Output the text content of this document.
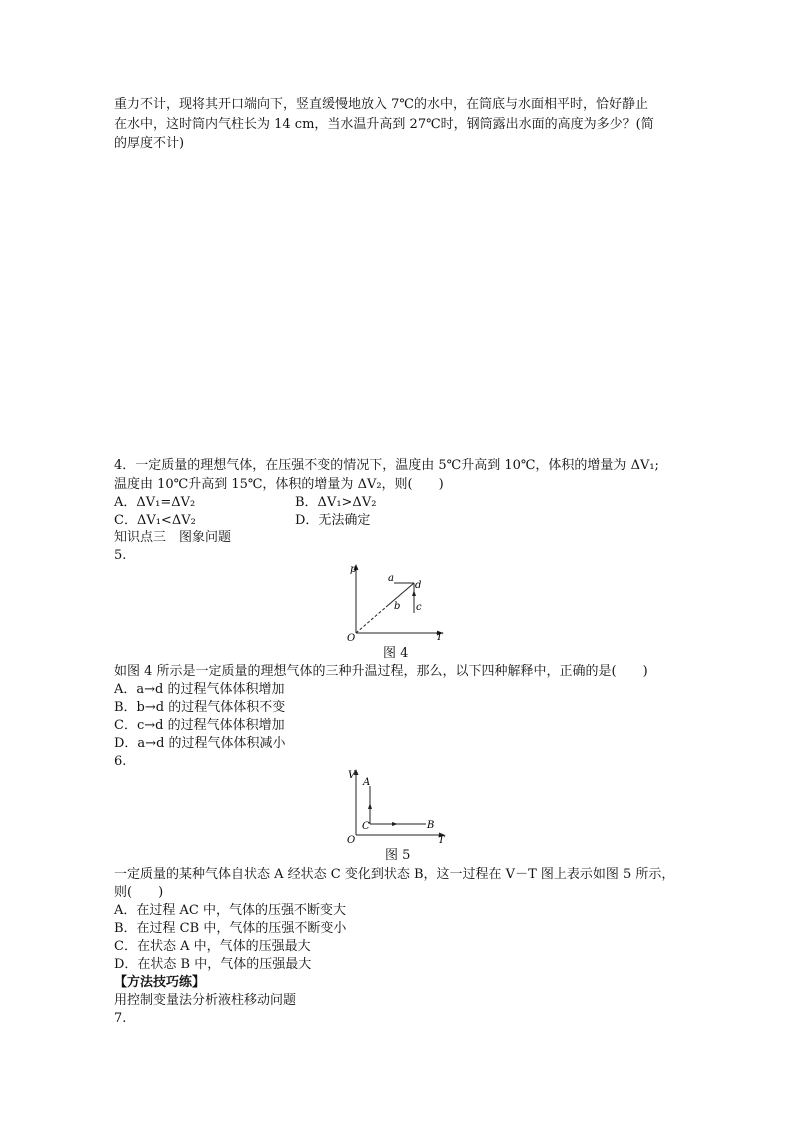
重力不计，现将其开口端向下，竖直缓慢地放入 7℃的水中，在筒底与水面相平时，恰好静止
在水中，这时筒内气柱长为 14 cm，当水温升高到 27℃时，钢筒露出水面的高度为多少？(简
的厚度不计)
4．一定质量的理想气体，在压强不变的情况下，温度由 5℃升高到 10℃，体积的增量为 ΔV₁;
温度由 10℃升高到 15℃，体积的增量为 ΔV₂，则(　　)
A．ΔV₁=ΔV₂	B．ΔV₁>ΔV₂
C．ΔV₁<ΔV₂	D．无法确定
知识点三　图象问题
5.
p
T
O
a
d
b c
图 4
如图 4 所示是一定质量的理想气体的三种升温过程，那么，以下四种解释中，正确的是(　　)
A．a→d 的过程气体体积增加
B．b→d 的过程气体体积不变
C．c→d 的过程气体体积增加
D．a→d 的过程气体体积减小
6.
V
T
O
A
C	B
图 5
一定质量的某种气体自状态 A 经状态 C 变化到状态 B，这一过程在 V－T 图上表示如图 5 所示，
则(　　)
A．在过程 AC 中，气体的压强不断变大
B．在过程 CB 中，气体的压强不断变小
C．在状态 A 中，气体的压强最大
D．在状态 B 中，气体的压强最大
【方法技巧练】
用控制变量法分析液柱移动问题
7.
